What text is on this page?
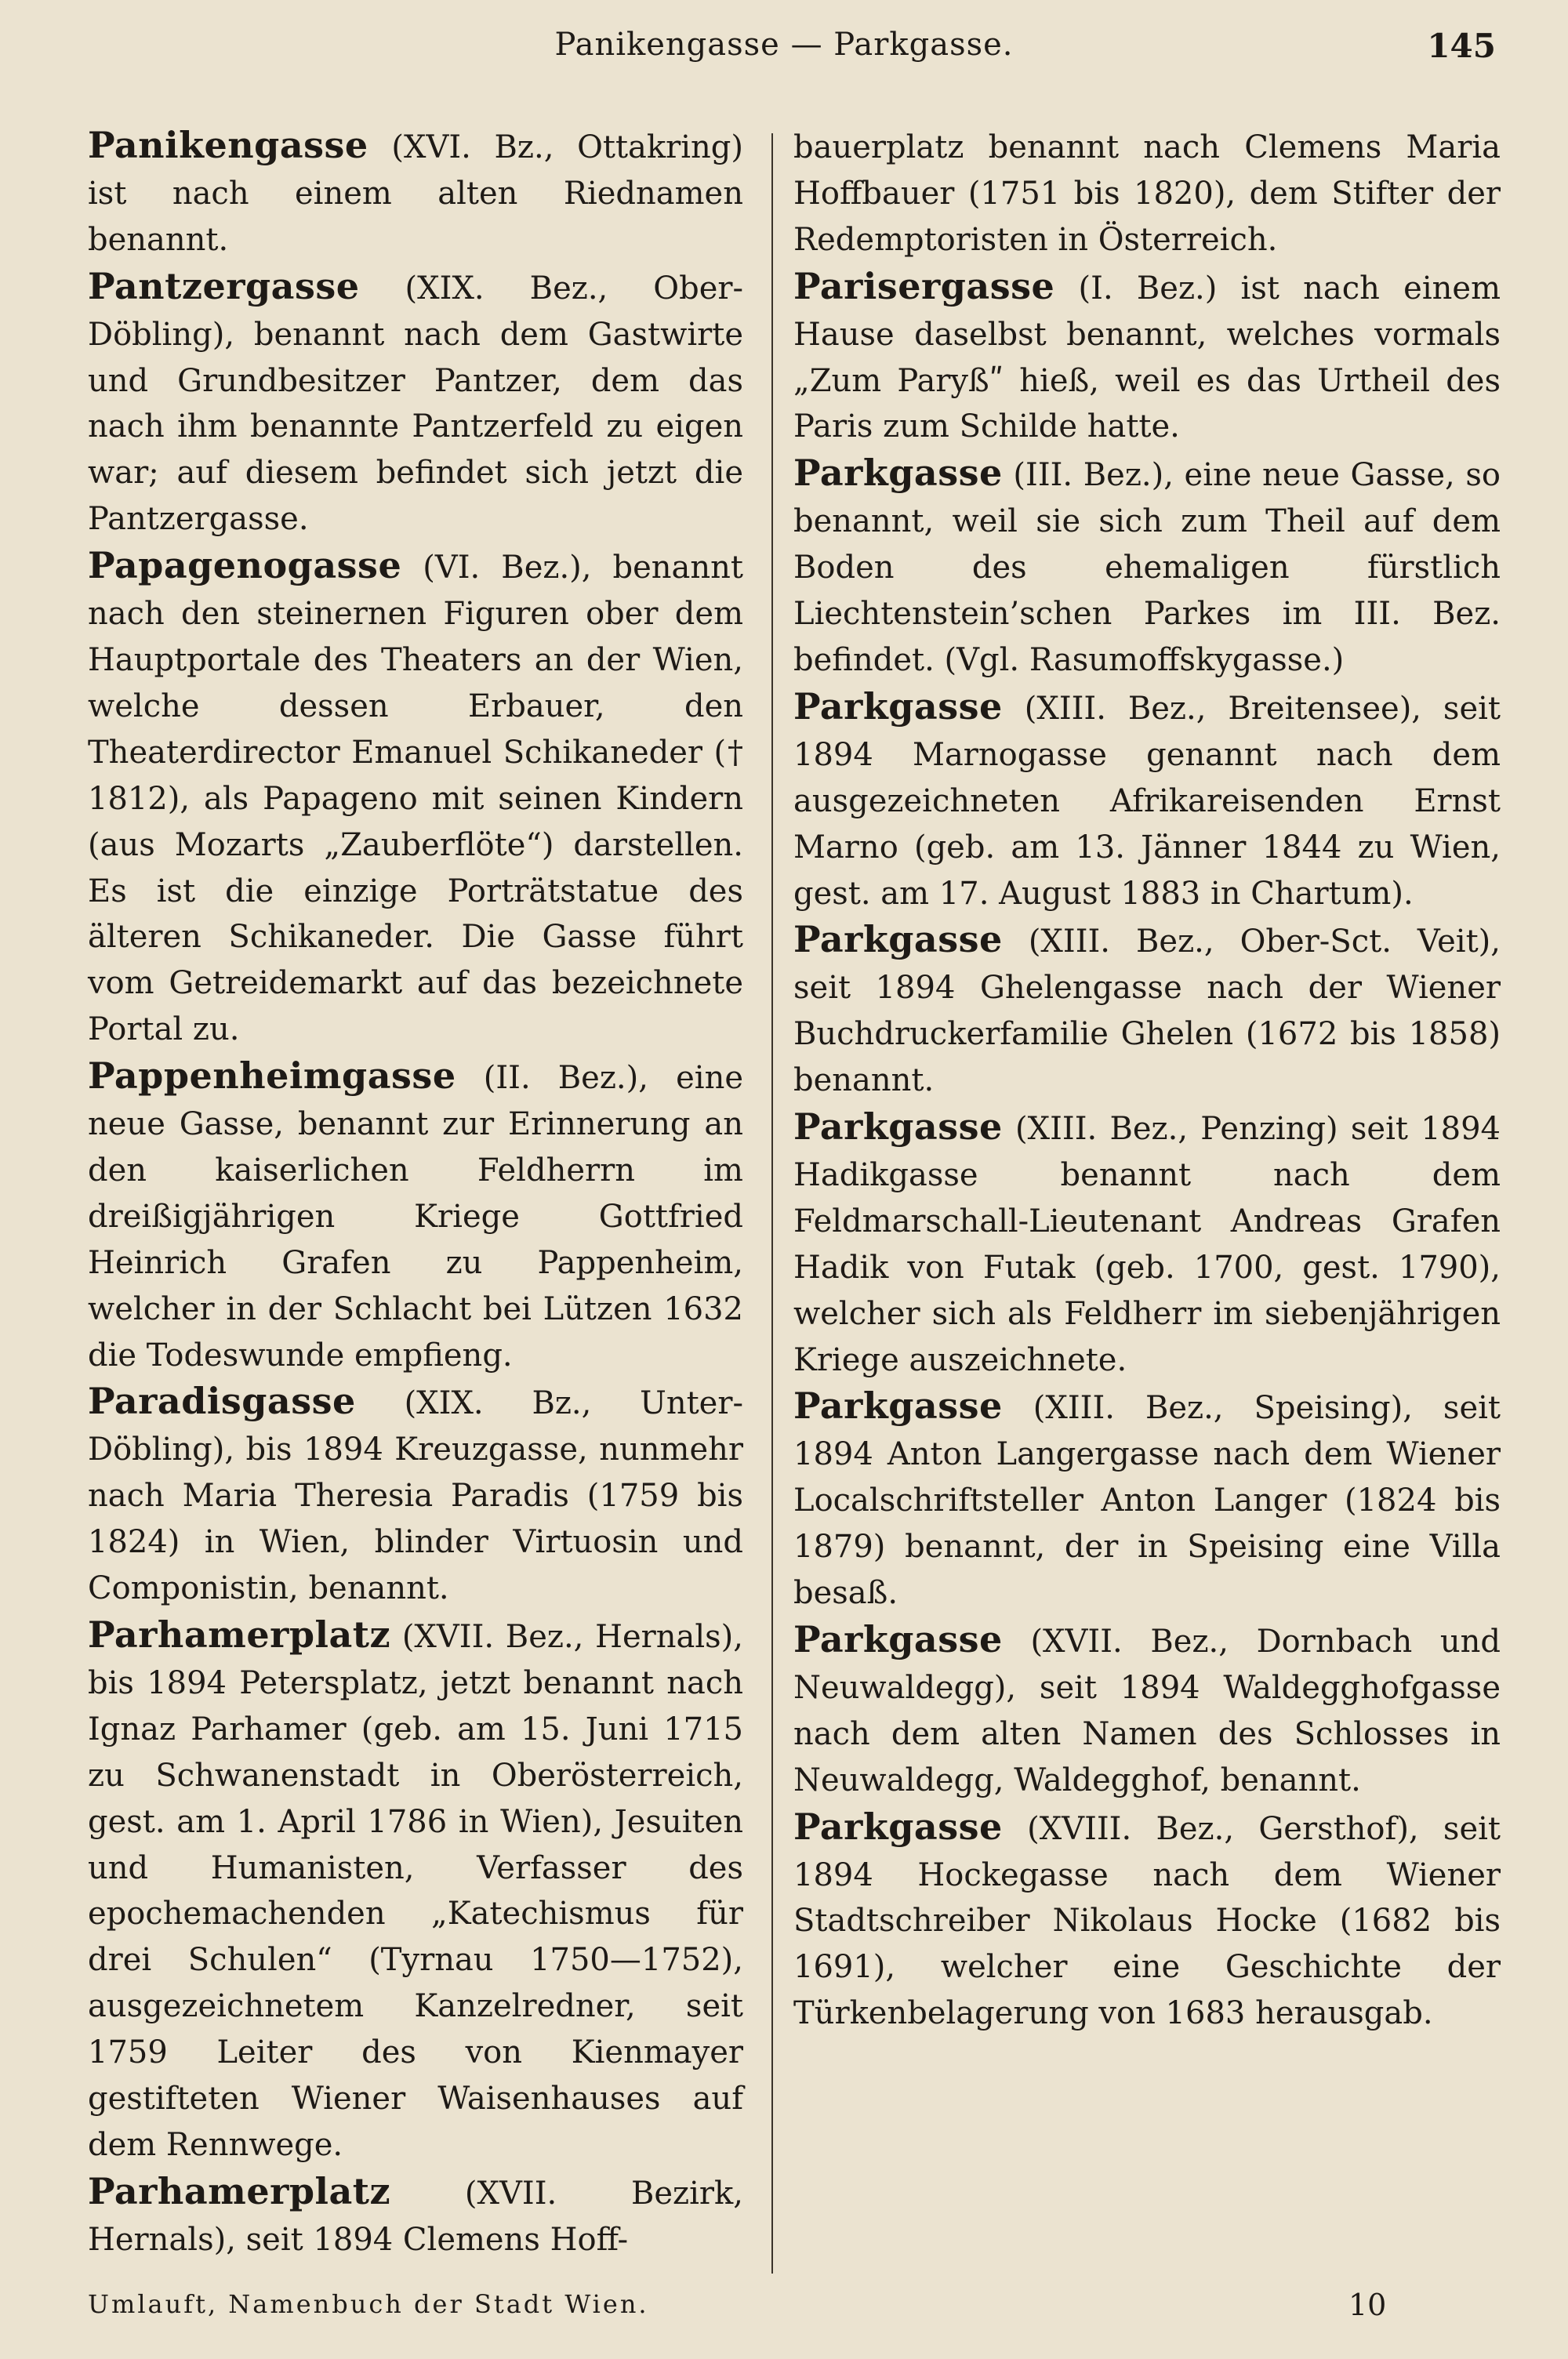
Panikengasse — Parkgasse.	145

Panikengasse (XVI. Bz., Ottakring) ist nach einem alten Riednamen benannt.

Pantzergasse (XIX. Bez., Ober-Döbling), benannt nach dem Gastwirte und Grundbesitzer Pantzer, dem das nach ihm benannte Pantzerfeld zu eigen war; auf diesem befindet sich jetzt die Pantzergasse.

Papagenogasse (VI. Bez.), benannt nach den steinernen Figuren ober dem Hauptportale des Theaters an der Wien, welche dessen Erbauer, den Theaterdirector Emanuel Schikaneder († 1812), als Papageno mit seinen Kindern (aus Mozarts „Zauberflöte“) darstellen. Es ist die einzige Porträtstatue des älteren Schikaneder. Die Gasse führt vom Getreidemarkt auf das bezeichnete Portal zu.

Pappenheimgasse (II. Bez.), eine neue Gasse, benannt zur Erinnerung an den kaiserlichen Feldherrn im dreißigjährigen Kriege Gottfried Heinrich Grafen zu Pappenheim, welcher in der Schlacht bei Lützen 1632 die Todeswunde empfieng.

Paradisgasse (XIX. Bz., Unter-Döbling), bis 1894 Kreuzgasse, nunmehr nach Maria Theresia Paradis (1759 bis 1824) in Wien, blinder Virtuosin und Componistin, benannt.

Parhamerplatz (XVII. Bez., Hernals), bis 1894 Petersplatz, jetzt benannt nach Ignaz Parhamer (geb. am 15. Juni 1715 zu Schwanenstadt in Oberösterreich, gest. am 1. April 1786 in Wien), Jesuiten und Humanisten, Verfasser des epochemachenden „Katechismus für drei Schulen“ (Tyrnau 1750—1752), ausgezeichnetem Kanzelredner, seit 1759 Leiter des von Kienmayer gestifteten Wiener Waisenhauses auf dem Rennwege.

Parhamerplatz (XVII. Bezirk, Hernals), seit 1894 Clemens Hoff-

bauerplatz benannt nach Clemens Maria Hoffbauer (1751 bis 1820), dem Stifter der Redemptoristen in Österreich.

Parisergasse (I. Bez.) ist nach einem Hause daselbst benannt, welches vormals „Zum Paryßʺ hieß, weil es das Urtheil des Paris zum Schilde hatte.

Parkgasse (III. Bez.), eine neue Gasse, so benannt, weil sie sich zum Theil auf dem Boden des ehemaligen fürstlich Liechtenstein’schen Parkes im III. Bez. befindet. (Vgl. Rasumoffskygasse.)

Parkgasse (XIII. Bez., Breitensee), seit 1894 Marnogasse genannt nach dem ausgezeichneten Afrikareisenden Ernst Marno (geb. am 13. Jänner 1844 zu Wien, gest. am 17. August 1883 in Chartum).

Parkgasse (XIII. Bez., Ober-Sct. Veit), seit 1894 Ghelengasse nach der Wiener Buchdruckerfamilie Ghelen (1672 bis 1858) benannt.

Parkgasse (XIII. Bez., Penzing) seit 1894 Hadikgasse benannt nach dem Feldmarschall-Lieutenant Andreas Grafen Hadik von Futak (geb. 1700, gest. 1790), welcher sich als Feldherr im siebenjährigen Kriege auszeichnete.

Parkgasse (XIII. Bez., Speising), seit 1894 Anton Langergasse nach dem Wiener Localschriftsteller Anton Langer (1824 bis 1879) benannt, der in Speising eine Villa besaß.

Parkgasse (XVII. Bez., Dornbach und Neuwaldegg), seit 1894 Waldegghofgasse nach dem alten Namen des Schlosses in Neuwaldegg, Waldegghof, benannt.

Parkgasse (XVIII. Bez., Gersthof), seit 1894 Hockegasse nach dem Wiener Stadtschreiber Nikolaus Hocke (1682 bis 1691), welcher eine Geschichte der Türkenbelagerung von 1683 herausgab.

Umlauft, Namenbuch der Stadt Wien.	10
